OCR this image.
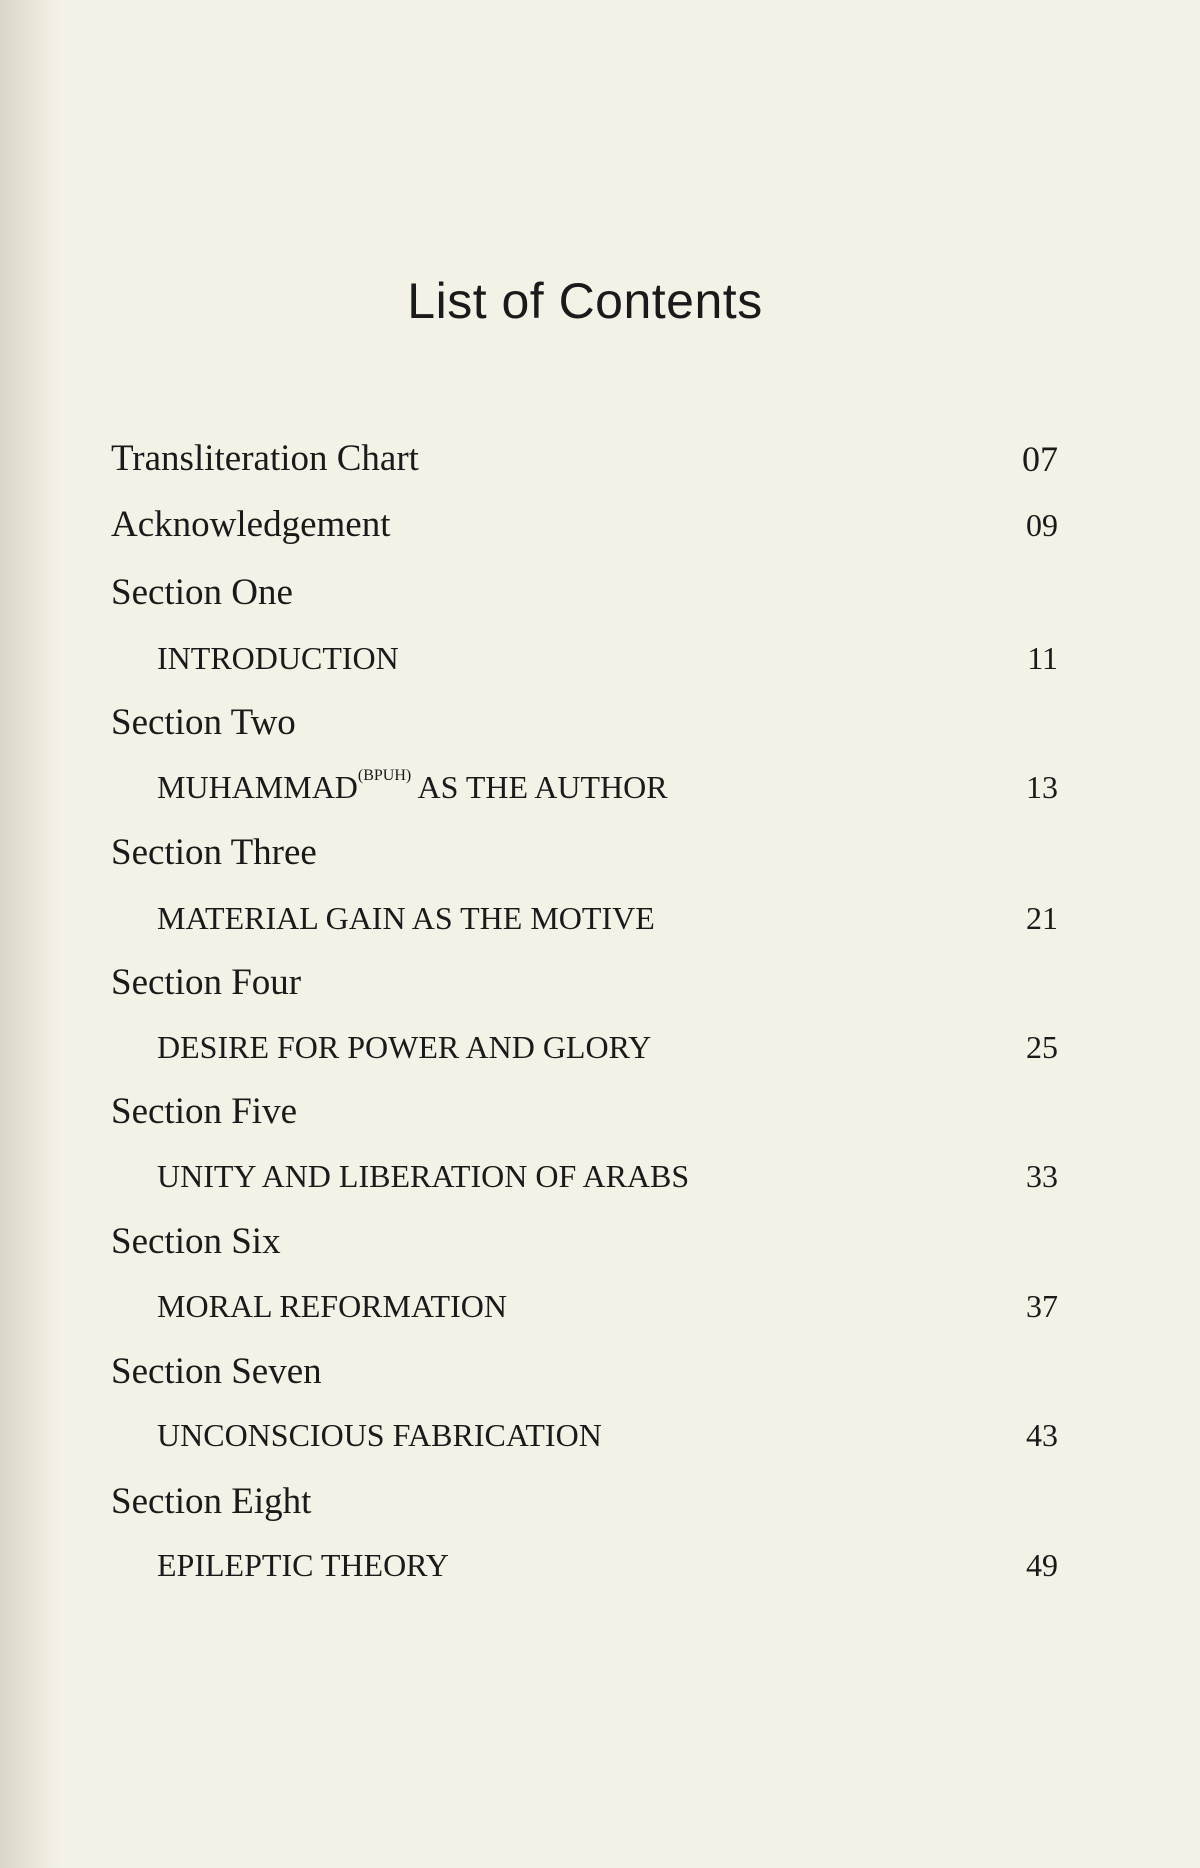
List of Contents
Transliteration Chart	07
Acknowledgement	09
Section One
INTRODUCTION	11
Section Two
$MUHAMMAD^{(BPUH)}$ AS THE AUTHOR	13
Section Three
MATERIAL GAIN AS THE MOTIVE	21
Section Four
DESIRE FOR POWER AND GLORY	25
Section Five
UNITY AND LIBERATION OF ARABS	33
Section Six
MORAL REFORMATION	37
Section Seven
UNCONSCIOUS FABRICATION	43
Section Eight
EPILEPTIC THEORY	49
